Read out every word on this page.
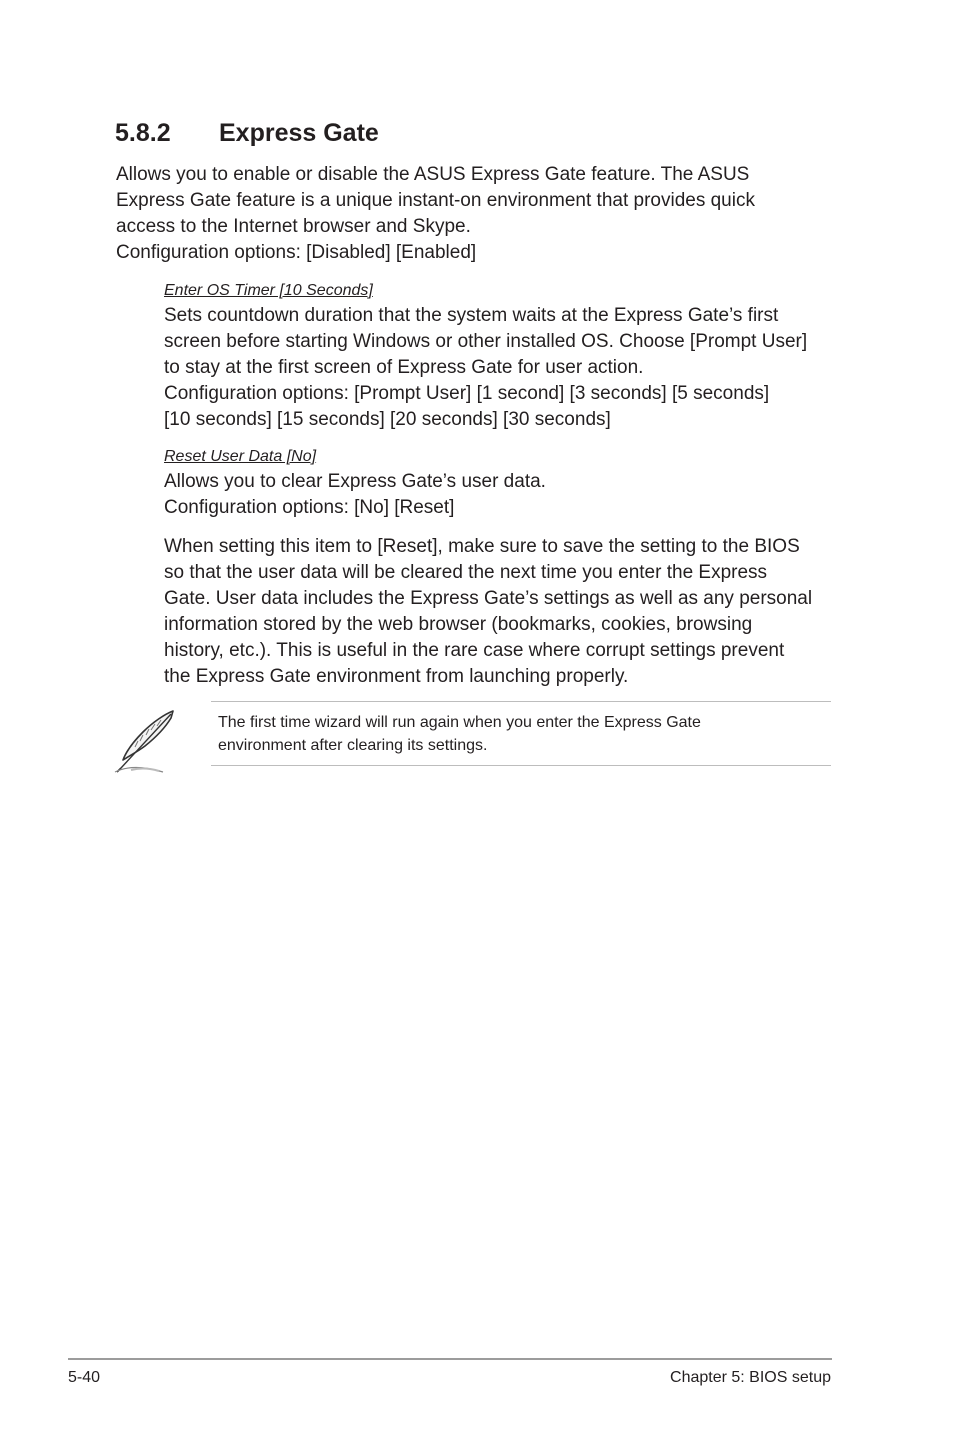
5.8.2 Express Gate

Allows you to enable or disable the ASUS Express Gate feature. The ASUS
Express Gate feature is a unique instant-on environment that provides quick
access to the Internet browser and Skype.
Configuration options: [Disabled] [Enabled]

Enter OS Timer [10 Seconds]

Sets countdown duration that the system waits at the Express Gate’s first
screen before starting Windows or other installed OS. Choose [Prompt User]
to stay at the first screen of Express Gate for user action.
Configuration options: [Prompt User] [1 second] [3 seconds] [5 seconds]
[10 seconds] [15 seconds] [20 seconds] [30 seconds]

Reset User Data [No]

Allows you to clear Express Gate’s user data.
Configuration options: [No] [Reset]

When setting this item to [Reset], make sure to save the setting to the BIOS
so that the user data will be cleared the next time you enter the Express
Gate. User data includes the Express Gate’s settings as well as any personal
information stored by the web browser (bookmarks, cookies, browsing
history, etc.). This is useful in the rare case where corrupt settings prevent
the Express Gate environment from launching properly.

The first time wizard will run again when you enter the Express Gate
environment after clearing its settings.
5-40	Chapter 5: BIOS setup
